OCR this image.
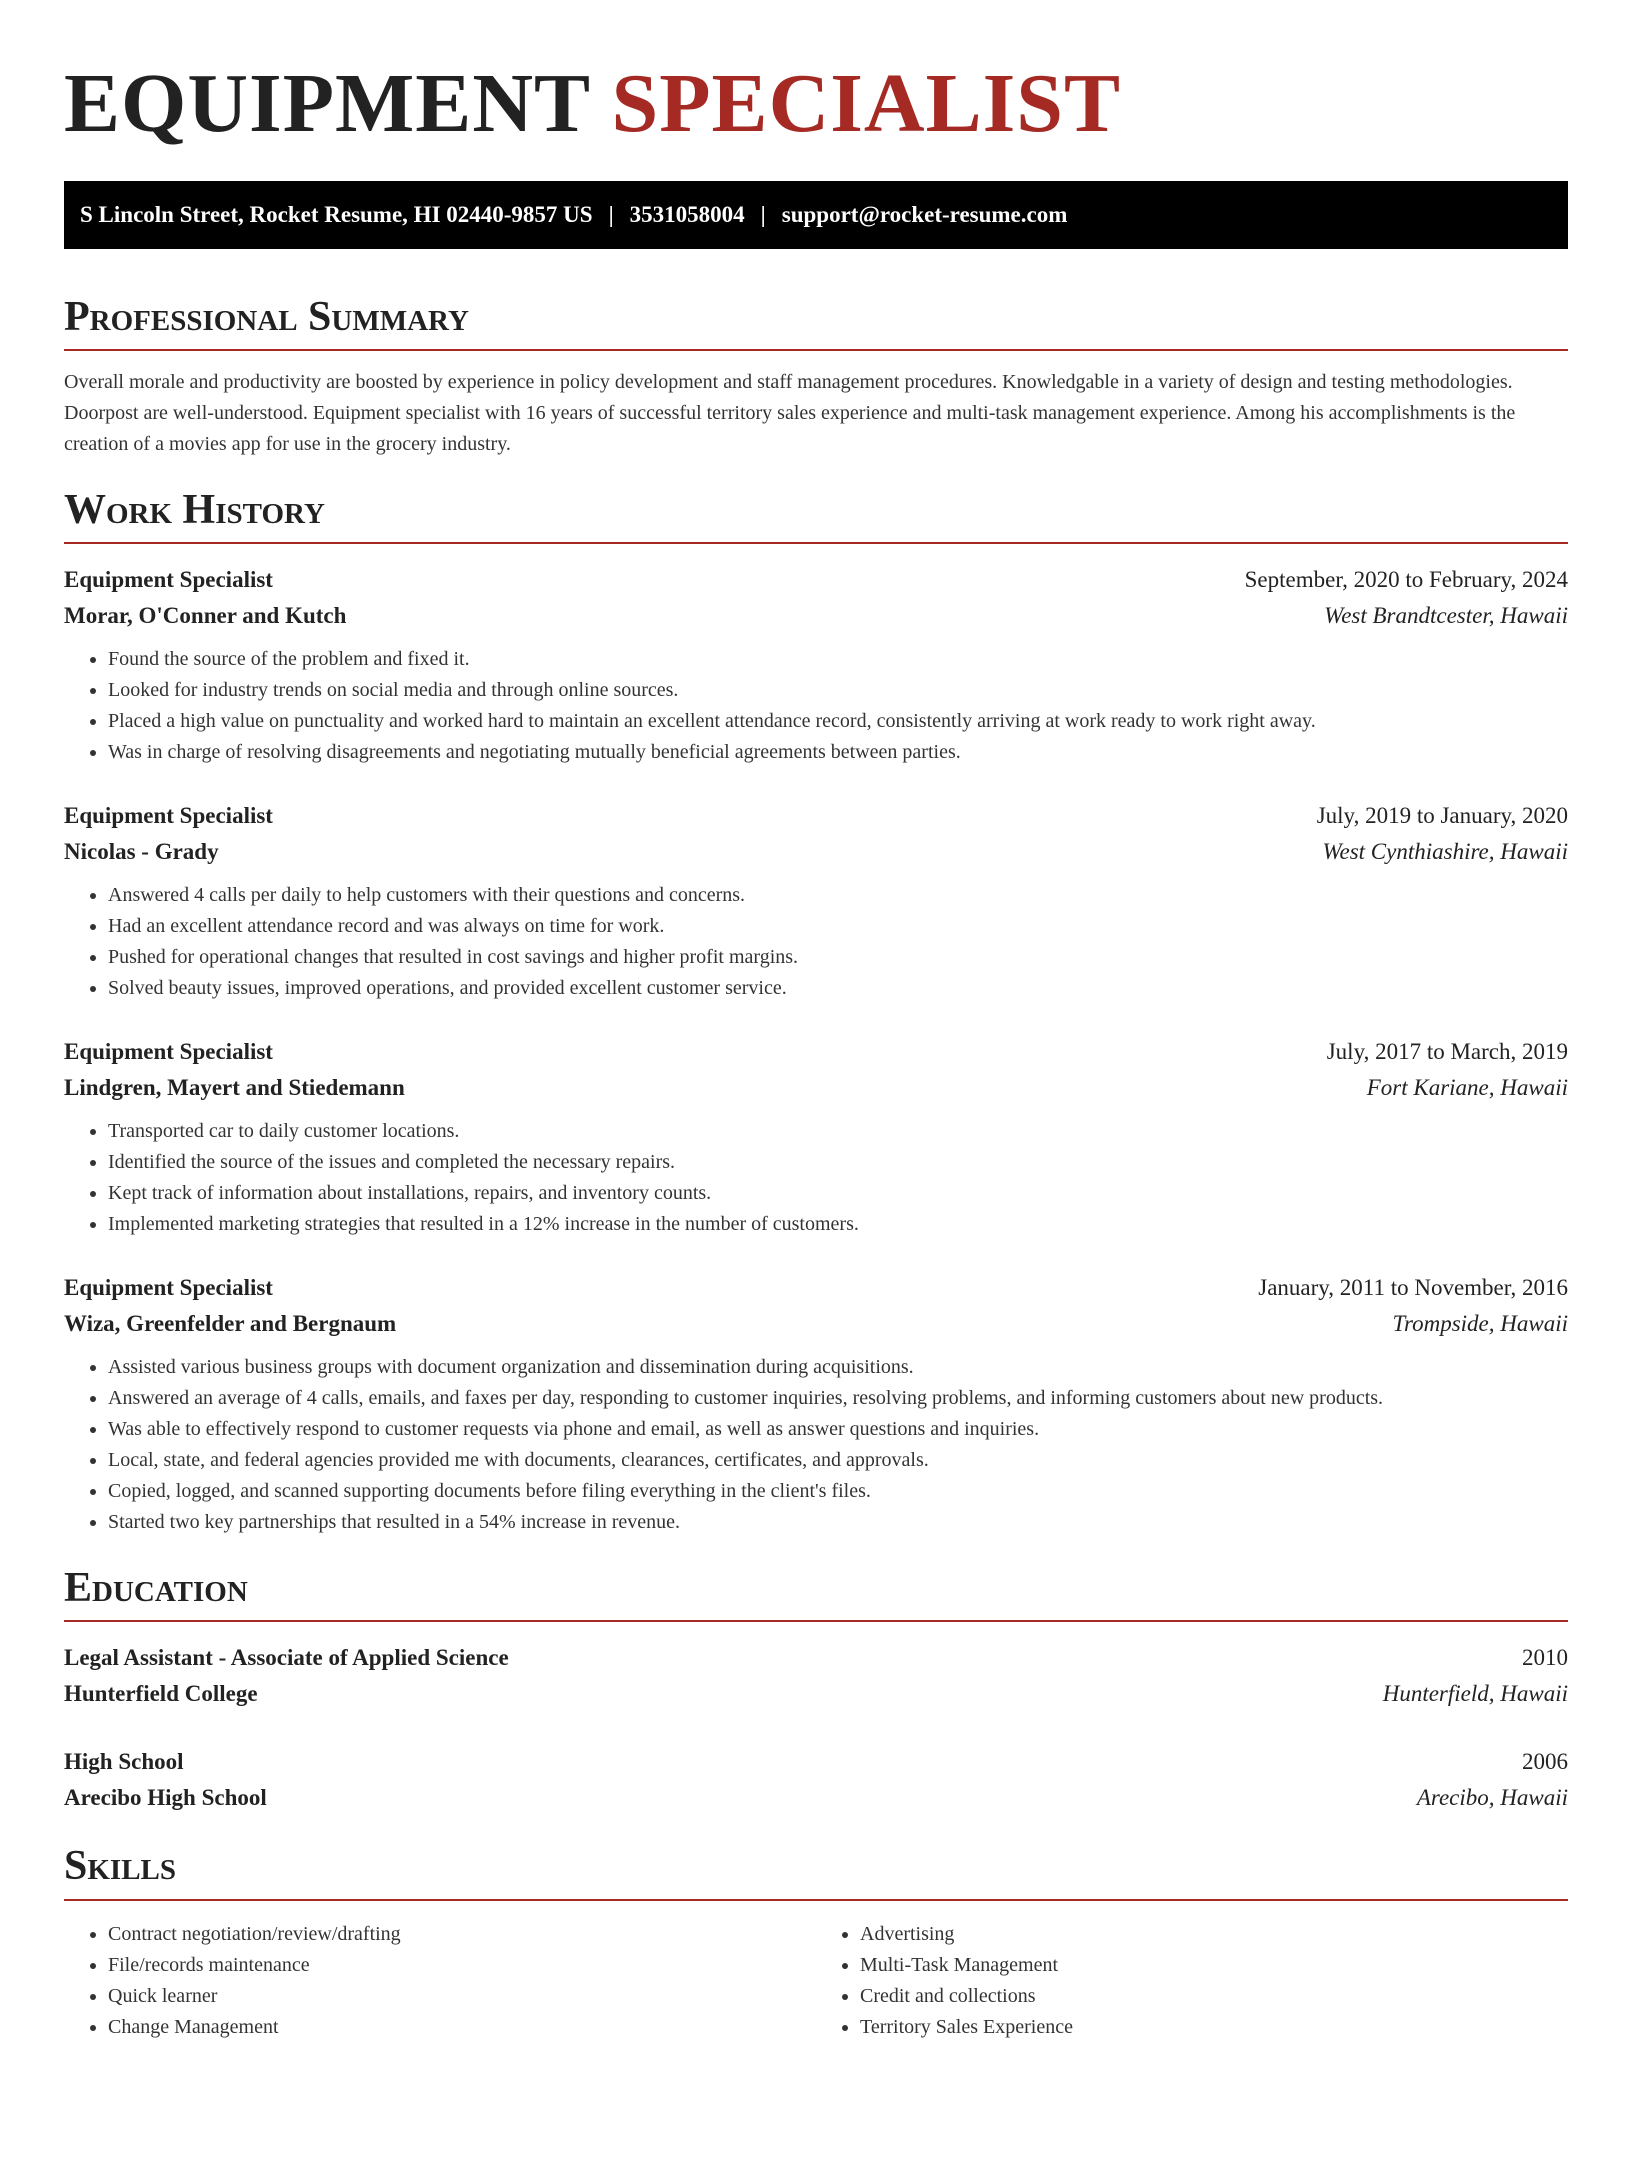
EQUIPMENT SPECIALIST
S Lincoln Street, Rocket Resume, HI 02440-9857 US | 3531058004 | support@rocket-resume.com
Professional Summary

Overall morale and productivity are boosted by experience in policy development and staff management procedures. Knowledgable in a variety of design and testing methodologies. Doorpost are well-understood. Equipment specialist with 16 years of successful territory sales experience and multi-task management experience. Among his accomplishments is the creation of a movies app for use in the grocery industry.

Work History
Equipment Specialist	September, 2020 to February, 2024
Morar, O'Conner and Kutch	West Brandtcester, Hawaii
• Found the source of the problem and fixed it.
• Looked for industry trends on social media and through online sources.
• Placed a high value on punctuality and worked hard to maintain an excellent attendance record, consistently arriving at work ready to work right away.
• Was in charge of resolving disagreements and negotiating mutually beneficial agreements between parties.
Equipment Specialist	July, 2019 to January, 2020
Nicolas - Grady	West Cynthiashire, Hawaii
• Answered 4 calls per daily to help customers with their questions and concerns.
• Had an excellent attendance record and was always on time for work.
• Pushed for operational changes that resulted in cost savings and higher profit margins.
• Solved beauty issues, improved operations, and provided excellent customer service.
Equipment Specialist	July, 2017 to March, 2019
Lindgren, Mayert and Stiedemann	Fort Kariane, Hawaii
• Transported car to daily customer locations.
• Identified the source of the issues and completed the necessary repairs.
• Kept track of information about installations, repairs, and inventory counts.
• Implemented marketing strategies that resulted in a 12% increase in the number of customers.
Equipment Specialist	January, 2011 to November, 2016
Wiza, Greenfelder and Bergnaum	Trompside, Hawaii
• Assisted various business groups with document organization and dissemination during acquisitions.
• Answered an average of 4 calls, emails, and faxes per day, responding to customer inquiries, resolving problems, and informing customers about new products.
• Was able to effectively respond to customer requests via phone and email, as well as answer questions and inquiries.
• Local, state, and federal agencies provided me with documents, clearances, certificates, and approvals.
• Copied, logged, and scanned supporting documents before filing everything in the client's files.
• Started two key partnerships that resulted in a 54% increase in revenue.
Education
Legal Assistant - Associate of Applied Science	2010
Hunterfield College	Hunterfield, Hawaii
High School	2006
Arecibo High School	Arecibo, Hawaii
Skills
• Contract negotiation/review/drafting
• File/records maintenance
• Quick learner
• Change Management
• Advertising
• Multi-Task Management
• Credit and collections
• Territory Sales Experience
